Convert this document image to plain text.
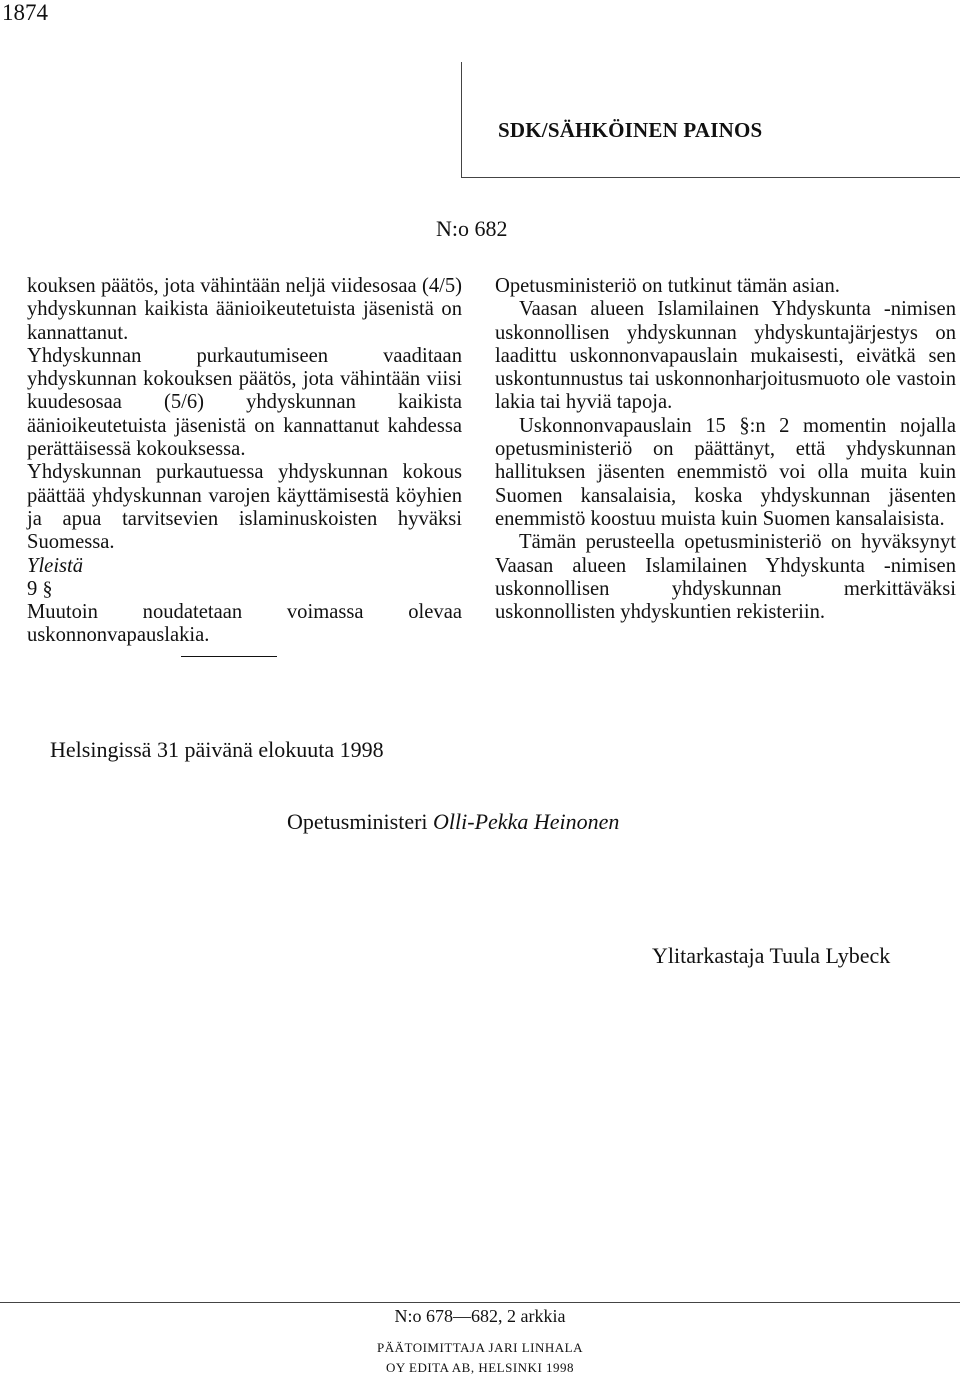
1874
SDK/SÄHKÖINEN PAINOS
N:o 682

kouksen päätös, jota vähintään neljä viidesosaa (4/5) yhdyskunnan kaikista äänioikeutetuista jäsenistä on kannattanut.

Yhdyskunnan purkautumiseen vaaditaan yhdyskunnan kokouksen päätös, jota vähintään viisi kuudesosaa (5/6) yhdyskunnan kaikista äänioikeutetuista jäsenistä on kannattanut kahdessa perättäisessä kokouksessa.

Yhdyskunnan purkautuessa yhdyskunnan kokous päättää yhdyskunnan varojen käyttämisestä köyhien ja apua tarvitsevien islaminuskoisten hyväksi Suomessa.

Yleistä

9 §

Muutoin noudatetaan voimassa olevaa uskonnonvapauslakia.

Opetusministeriö on tutkinut tämän asian.

Vaasan alueen Islamilainen Yhdyskunta -nimisen uskonnollisen yhdyskunnan yhdyskuntajärjestys on laadittu uskonnonvapauslain mukaisesti, eivätkä sen uskontunnustus tai uskonnonharjoitusmuoto ole vastoin lakia tai hyviä tapoja.

Uskonnonvapauslain 15 §:n 2 momentin nojalla opetusministeriö on päättänyt, että yhdyskunnan hallituksen jäsenten enemmistö voi olla muita kuin Suomen kansalaisia, koska yhdyskunnan jäsenten enemmistö koostuu muista kuin Suomen kansalaisista.

Tämän perusteella opetusministeriö on hyväksynyt Vaasan alueen Islamilainen Yhdyskunta -nimisen uskonnollisen yhdyskunnan merkittäväksi uskonnollisten yhdyskuntien rekisteriin.

Helsingissä 31 päivänä elokuuta 1998
Opetusministeri Olli-Pekka Heinonen
Ylitarkastaja Tuula Lybeck
N:o 678—682, 2 arkkia
PÄÄTOIMITTAJA JARI LINHALA
OY EDITA AB, HELSINKI 1998
